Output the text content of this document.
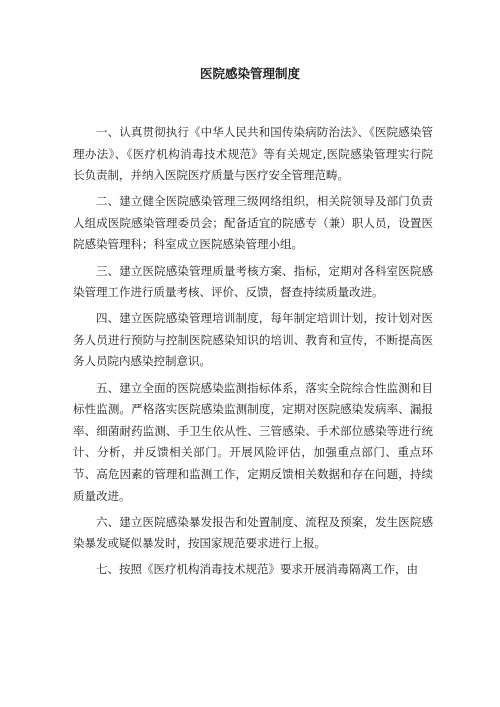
医院感染管理制度

一、认真贯彻执行《中华人民共和国传染病防治法》、《医院感染管理办法》、《医疗机构消毒技术规范》等有关规定,医院感染管理实行院长负责制，并纳入医院医疗质量与医疗安全管理范畴。

二、建立健全医院感染管理三级网络组织，相关院领导及部门负责人组成医院感染管理委员会；配备适宜的院感专（兼）职人员，设置医院感染管理科；科室成立医院感染管理小组。

三、建立医院感染管理质量考核方案、指标，定期对各科室医院感染管理工作进行质量考核、评价、反馈，督查持续质量改进。

四、建立医院感染管理培训制度，每年制定培训计划，按计划对医务人员进行预防与控制医院感染知识的培训、教育和宣传，不断提高医务人员院内感染控制意识。

五、建立全面的医院感染监测指标体系，落实全院综合性监测和目标性监测。严格落实医院感染监测制度，定期对医院感染发病率、漏报率、细菌耐药监测、手卫生依从性、三管感染、手术部位感染等进行统计、分析，并反馈相关部门。开展风险评估，加强重点部门、重点环节、高危因素的管理和监测工作，定期反馈相关数据和存在问题，持续质量改进。

六、建立医院感染暴发报告和处置制度、流程及预案，发生医院感染暴发或疑似暴发时，按国家规范要求进行上报。

七、按照《医疗机构消毒技术规范》要求开展消毒隔离工作，由
